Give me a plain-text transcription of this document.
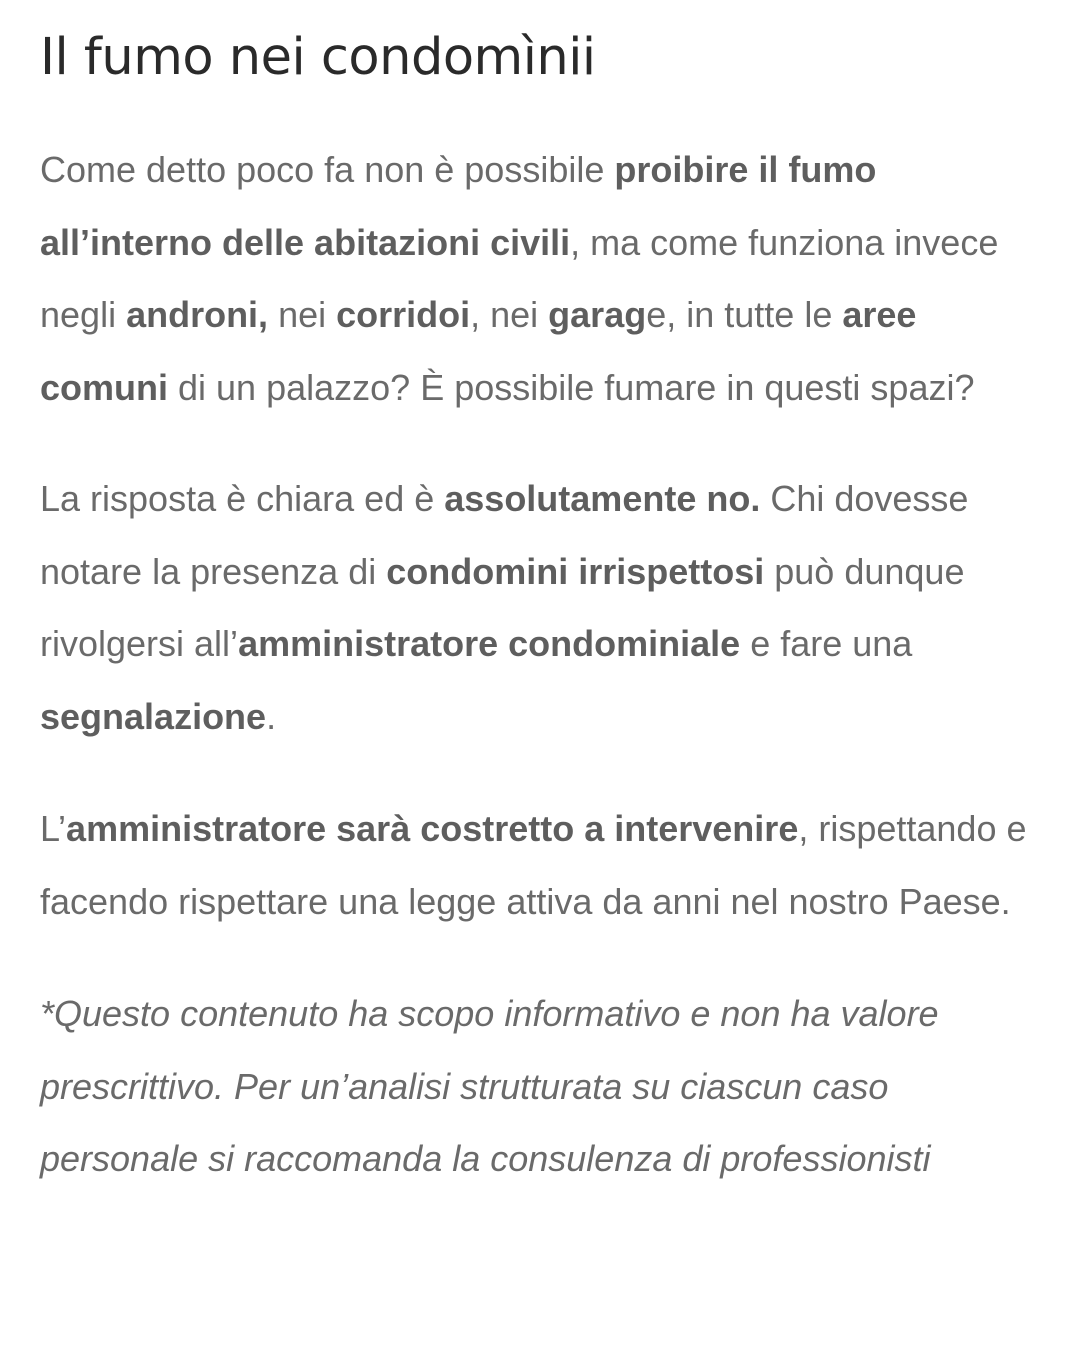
Il fumo nei condomìnii

Come detto poco fa non è possibile proibire il fumo all’interno delle abitazioni civili, ma come funziona invece negli androni, nei corridoi, nei garage, in tutte le aree comuni di un palazzo? È possibile fumare in questi spazi?

La risposta è chiara ed è assolutamente no. Chi dovesse notare la presenza di condomini irrispettosi può dunque rivolgersi all’amministratore condominiale e fare una segnalazione.

L’amministratore sarà costretto a intervenire, rispettando e facendo rispettare una legge attiva da anni nel nostro Paese.

*Questo contenuto ha scopo informativo e non ha valore prescrittivo. Per un’analisi strutturata su ciascun caso personale si raccomanda la consulenza di professionisti
